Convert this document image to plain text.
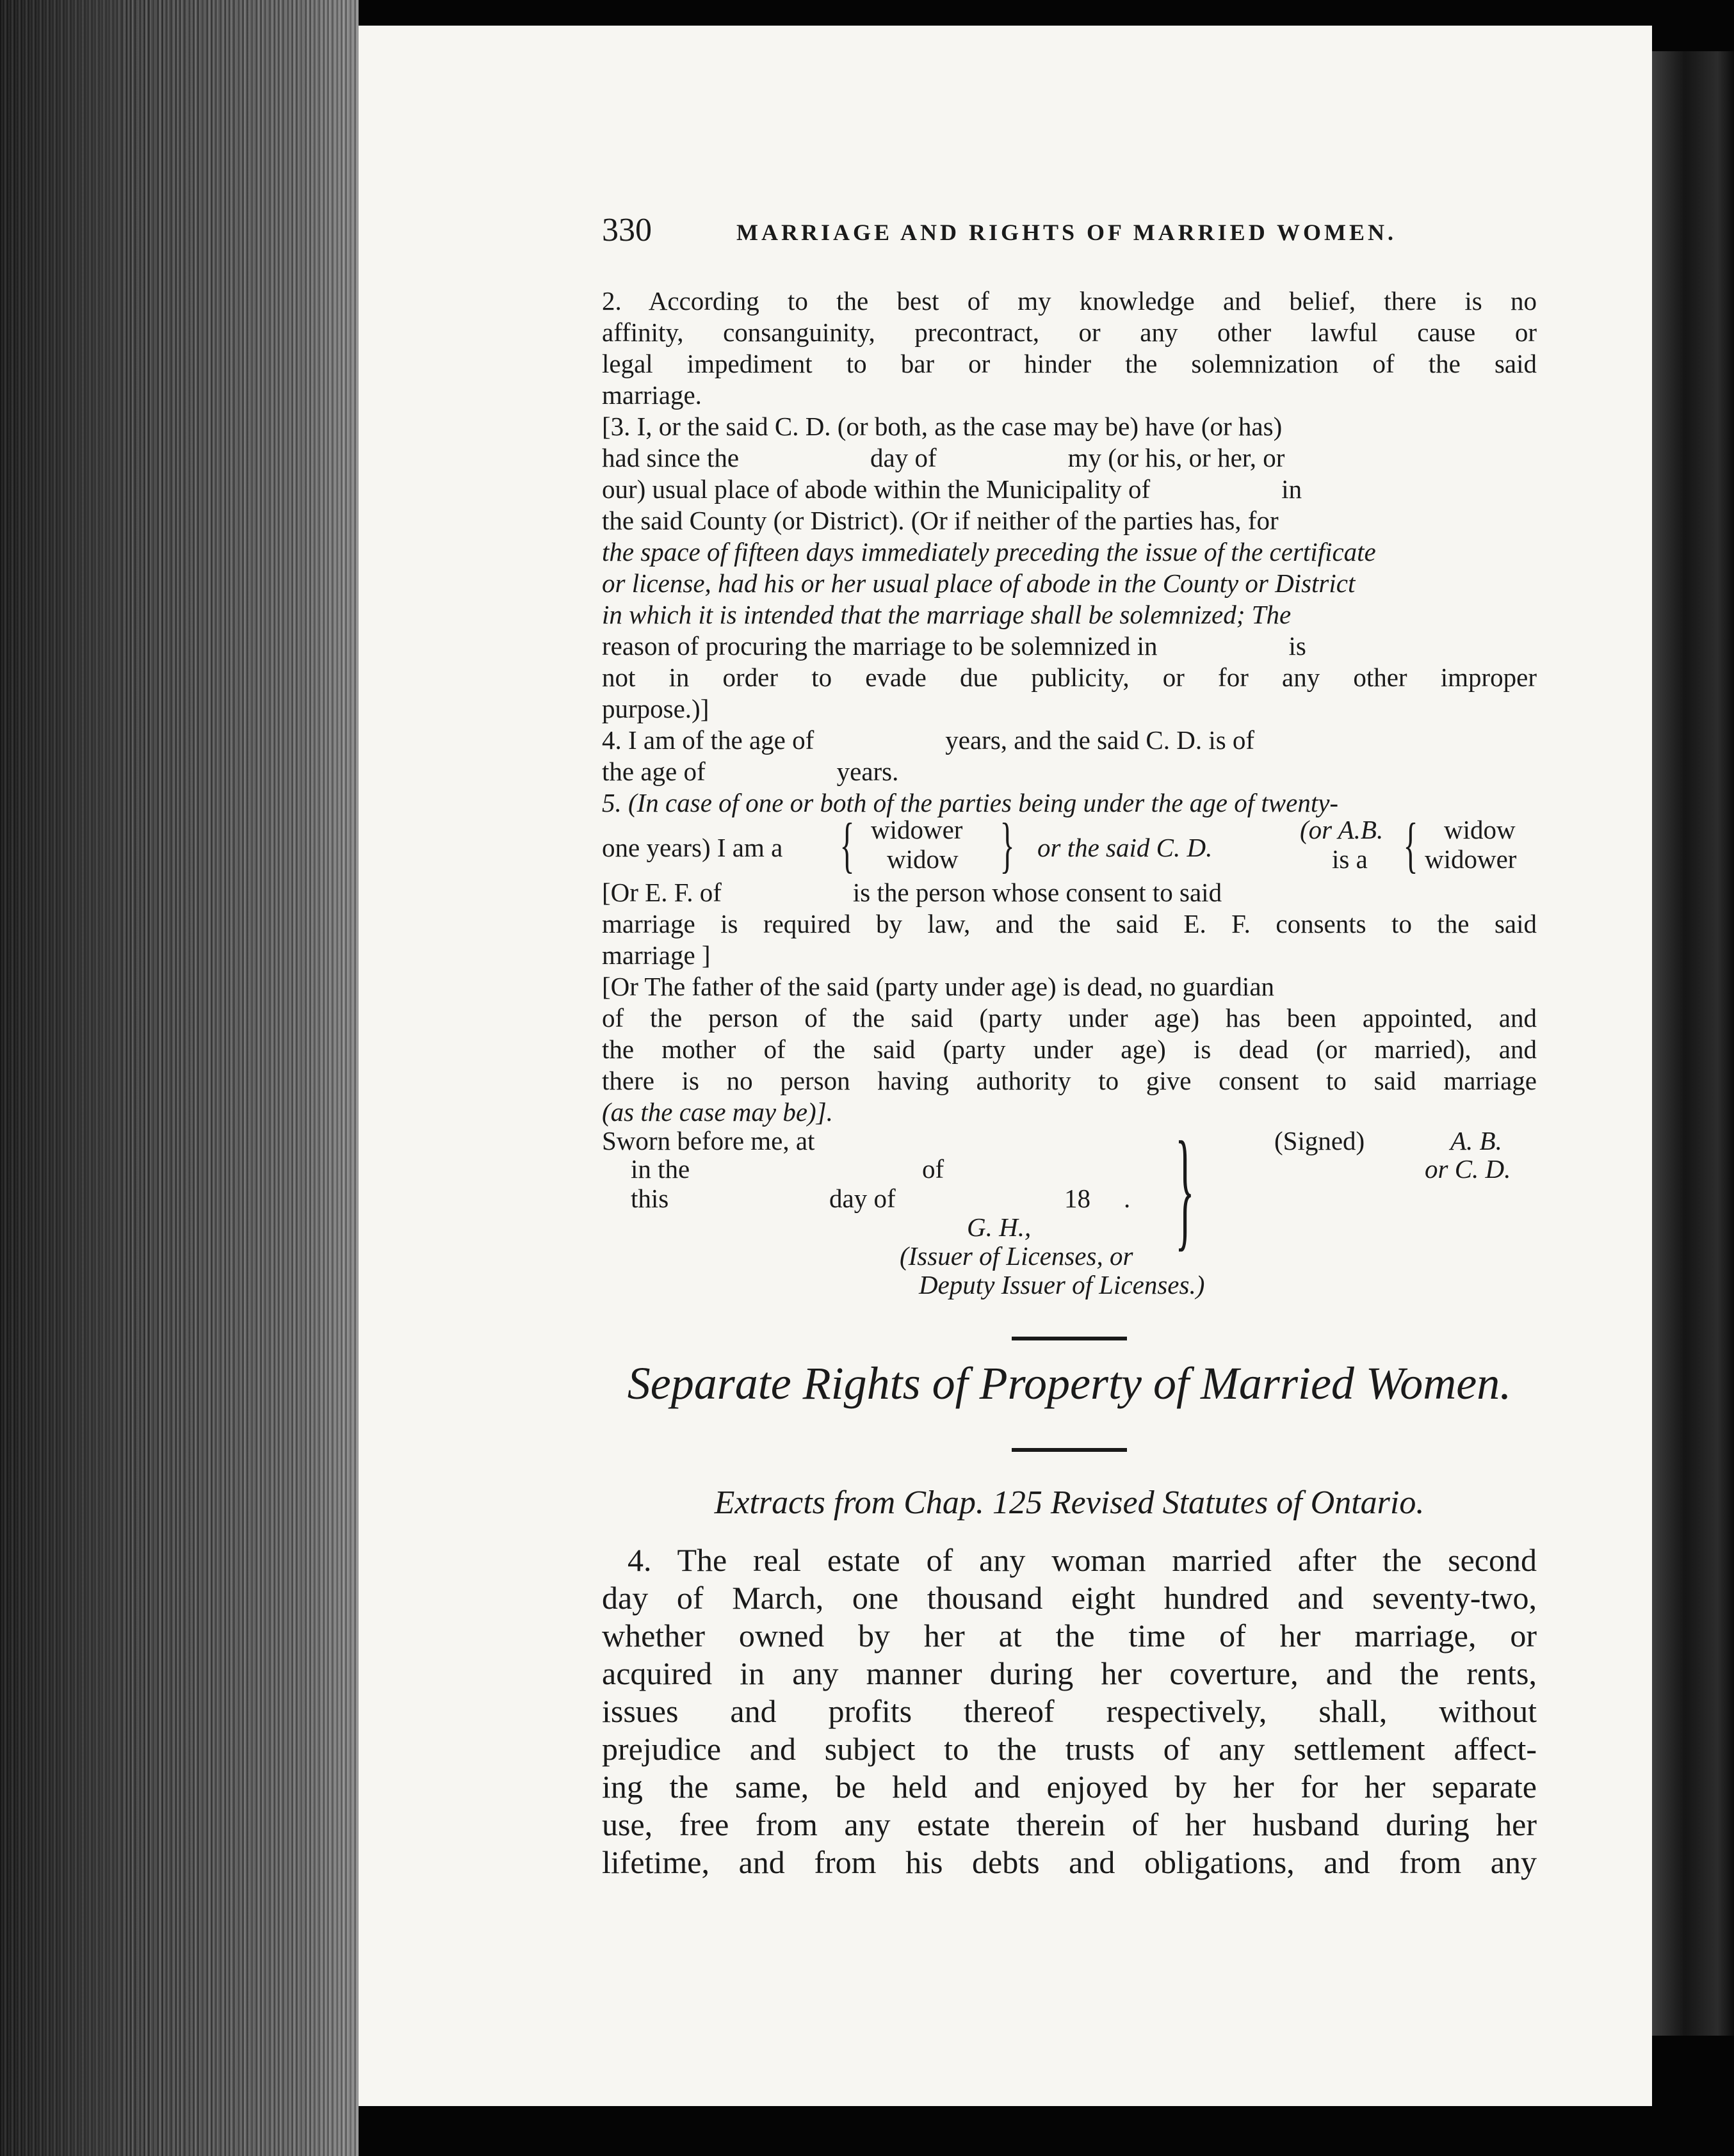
330	MARRIAGE AND RIGHTS OF MARRIED WOMEN.
2. According to the best of my knowledge and belief, there is no
affinity, consanguinity, precontract, or any other lawful cause or
legal impediment to bar or hinder the solemnization of the said
marriage.
[3. I, or the said C. D. (or both, as the case may be) have (or has)
had since the                    day of                    my (or his, or her, or
our) usual place of abode within the Municipality of                    in
the said County (or District). (Or if neither of the parties has, for
the space of fifteen days immediately preceding the issue of the certificate
or license, had his or her usual place of abode in the County or District
in which it is intended that the marriage shall be solemnized; The
reason of procuring the marriage to be solemnized in                    is
not in order to evade due publicity, or for any other improper
purpose.)]
4. I am of the age of                    years, and the said C. D. is of
the age of                    years.
5. (In case of one or both of the parties being under the age of twenty-
one years) I am a { widower
widow } or the said C. D.
(or A.B.
is a { widow
widower
[Or E. F. of                    is the person whose consent to said
marriage is required by law, and the said E. F. consents to the said
marriage ]
[Or The father of the said (party under age) is dead, no guardian
of the person of the said (party under age) has been appointed, and
the mother of the said (party under age) is dead (or married), and
there is no person having authority to give consent to said marriage
(as the case may be)].
Sworn before me, at
in the	of
this	day of	18 .
G. H.,
(Issuer of Licenses, or
Deputy Issuer of Licenses.)
}	(Signed)	A. B.
or C. D.
Separate Rights of Property of Married Women.
Extracts from Chap. 125 Revised Statutes of Ontario.
4. The real estate of any woman married after the second
day of March, one thousand eight hundred and seventy-two,
whether owned by her at the time of her marriage, or
acquired in any manner during her coverture, and the rents,
issues and profits thereof respectively, shall, without
prejudice and subject to the trusts of any settlement affect-
ing the same, be held and enjoyed by her for her separate
use, free from any estate therein of her husband during her
lifetime, and from his debts and obligations, and from any
